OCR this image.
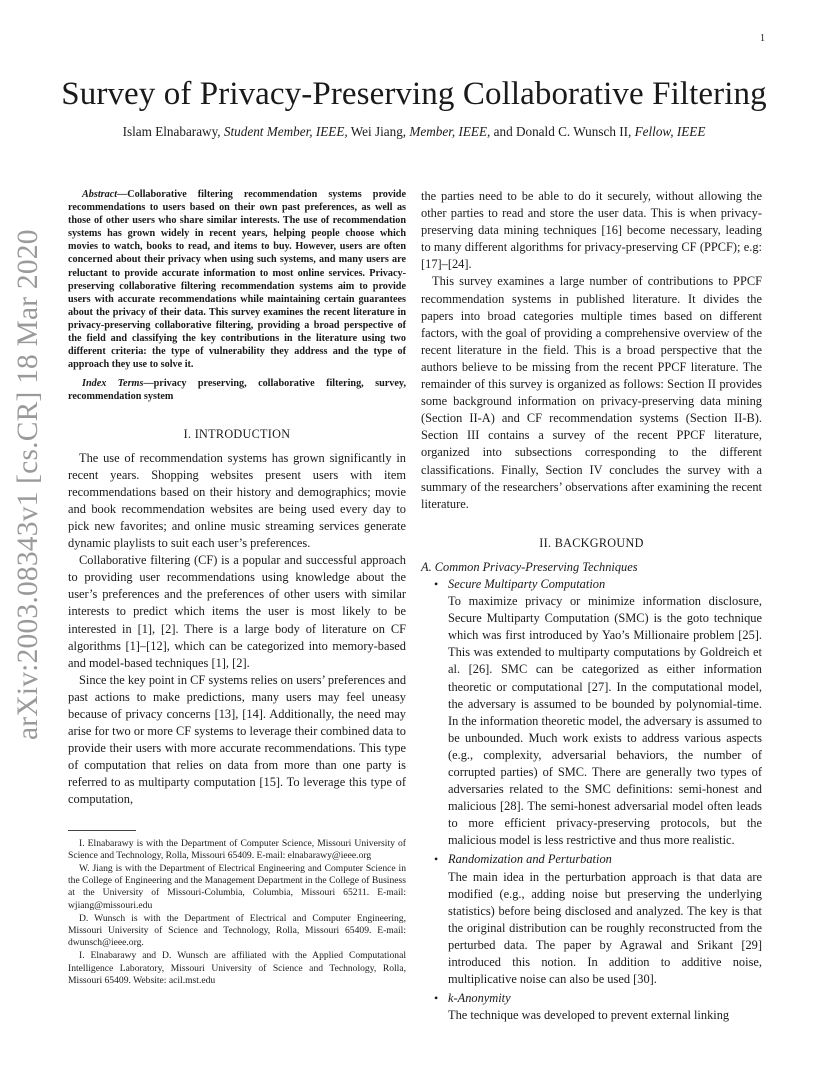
1
arXiv:2003.08343v1 [cs.CR] 18 Mar 2020
Survey of Privacy-Preserving Collaborative Filtering
Islam Elnabarawy, Student Member, IEEE, Wei Jiang, Member, IEEE, and Donald C. Wunsch II, Fellow, IEEE

Abstract—Collaborative filtering recommendation systems provide recommendations to users based on their own past preferences, as well as those of other users who share similar interests. The use of recommendation systems has grown widely in recent years, helping people choose which movies to watch, books to read, and items to buy. However, users are often concerned about their privacy when using such systems, and many users are reluctant to provide accurate information to most online services. Privacy-preserving collaborative filtering recommendation systems aim to provide users with accurate recommendations while maintaining certain guarantees about the privacy of their data. This survey examines the recent literature in privacy-preserving collaborative filtering, providing a broad perspective of the field and classifying the key contributions in the literature using two different criteria: the type of vulnerability they address and the type of approach they use to solve it.

Index Terms—privacy preserving, collaborative filtering, survey, recommendation system

I. INTRODUCTION

The use of recommendation systems has grown significantly in recent years. Shopping websites present users with item recommendations based on their history and demographics; movie and book recommendation websites are being used every day to pick new favorites; and online music streaming services generate dynamic playlists to suit each user’s preferences.

Collaborative filtering (CF) is a popular and successful approach to providing user recommendations using knowledge about the user’s preferences and the preferences of other users with similar interests to predict which items the user is most likely to be interested in [1], [2]. There is a large body of literature on CF algorithms [1]–[12], which can be categorized into memory-based and model-based techniques [1], [2].

Since the key point in CF systems relies on users’ preferences and past actions to make predictions, many users may feel uneasy because of privacy concerns [13], [14]. Additionally, the need may arise for two or more CF systems to leverage their combined data to provide their users with more accurate recommendations. This type of computation that relies on data from more than one party is referred to as multiparty computation [15]. To leverage this type of computation,

I. Elnabarawy is with the Department of Computer Science, Missouri University of Science and Technology, Rolla, Missouri 65409. E-mail: elnabarawy@ieee.org

W. Jiang is with the Department of Electrical Engineering and Computer Science in the College of Engineering and the Management Department in the College of Business at the University of Missouri-Columbia, Columbia, Missouri 65211. E-mail: wjiang@missouri.edu

D. Wunsch is with the Department of Electrical and Computer Engineering, Missouri University of Science and Technology, Rolla, Missouri 65409. E-mail: dwunsch@ieee.org.

I. Elnabarawy and D. Wunsch are affiliated with the Applied Computational Intelligence Laboratory, Missouri University of Science and Technology, Rolla, Missouri 65409. Website: acil.mst.edu

the parties need to be able to do it securely, without allowing the other parties to read and store the user data. This is when privacy-preserving data mining techniques [16] become necessary, leading to many different algorithms for privacy-preserving CF (PPCF); e.g: [17]–[24].

This survey examines a large number of contributions to PPCF recommendation systems in published literature. It divides the papers into broad categories multiple times based on different factors, with the goal of providing a comprehensive overview of the recent literature in the field. This is a broad perspective that the authors believe to be missing from the recent PPCF literature. The remainder of this survey is organized as follows: Section II provides some background information on privacy-preserving data mining (Section II-A) and CF recommendation systems (Section II-B). Section III contains a survey of the recent PPCF literature, organized into subsections corresponding to the different classifications. Finally, Section IV concludes the survey with a summary of the researchers’ observations after examining the recent literature.

II. BACKGROUND

A. Common Privacy-Preserving Techniques

• Secure Multiparty Computation
To maximize privacy or minimize information disclosure, Secure Multiparty Computation (SMC) is the goto technique which was first introduced by Yao’s Millionaire problem [25]. This was extended to multiparty computations by Goldreich et al. [26]. SMC can be categorized as either information theoretic or computational [27]. In the computational model, the adversary is assumed to be bounded by polynomial-time. In the information theoretic model, the adversary is assumed to be unbounded. Much work exists to address various aspects (e.g., complexity, adversarial behaviors, the number of corrupted parties) of SMC. There are generally two types of adversaries related to the SMC definitions: semi-honest and malicious [28]. The semi-honest adversarial model often leads to more efficient privacy-preserving protocols, but the malicious model is less restrictive and thus more realistic.
• Randomization and Perturbation
The main idea in the perturbation approach is that data are modified (e.g., adding noise but preserving the underlying statistics) before being disclosed and analyzed. The key is that the original distribution can be roughly reconstructed from the perturbed data. The paper by Agrawal and Srikant [29] introduced this notion. In addition to additive noise, multiplicative noise can also be used [30].
• k-Anonymity
The technique was developed to prevent external linking
